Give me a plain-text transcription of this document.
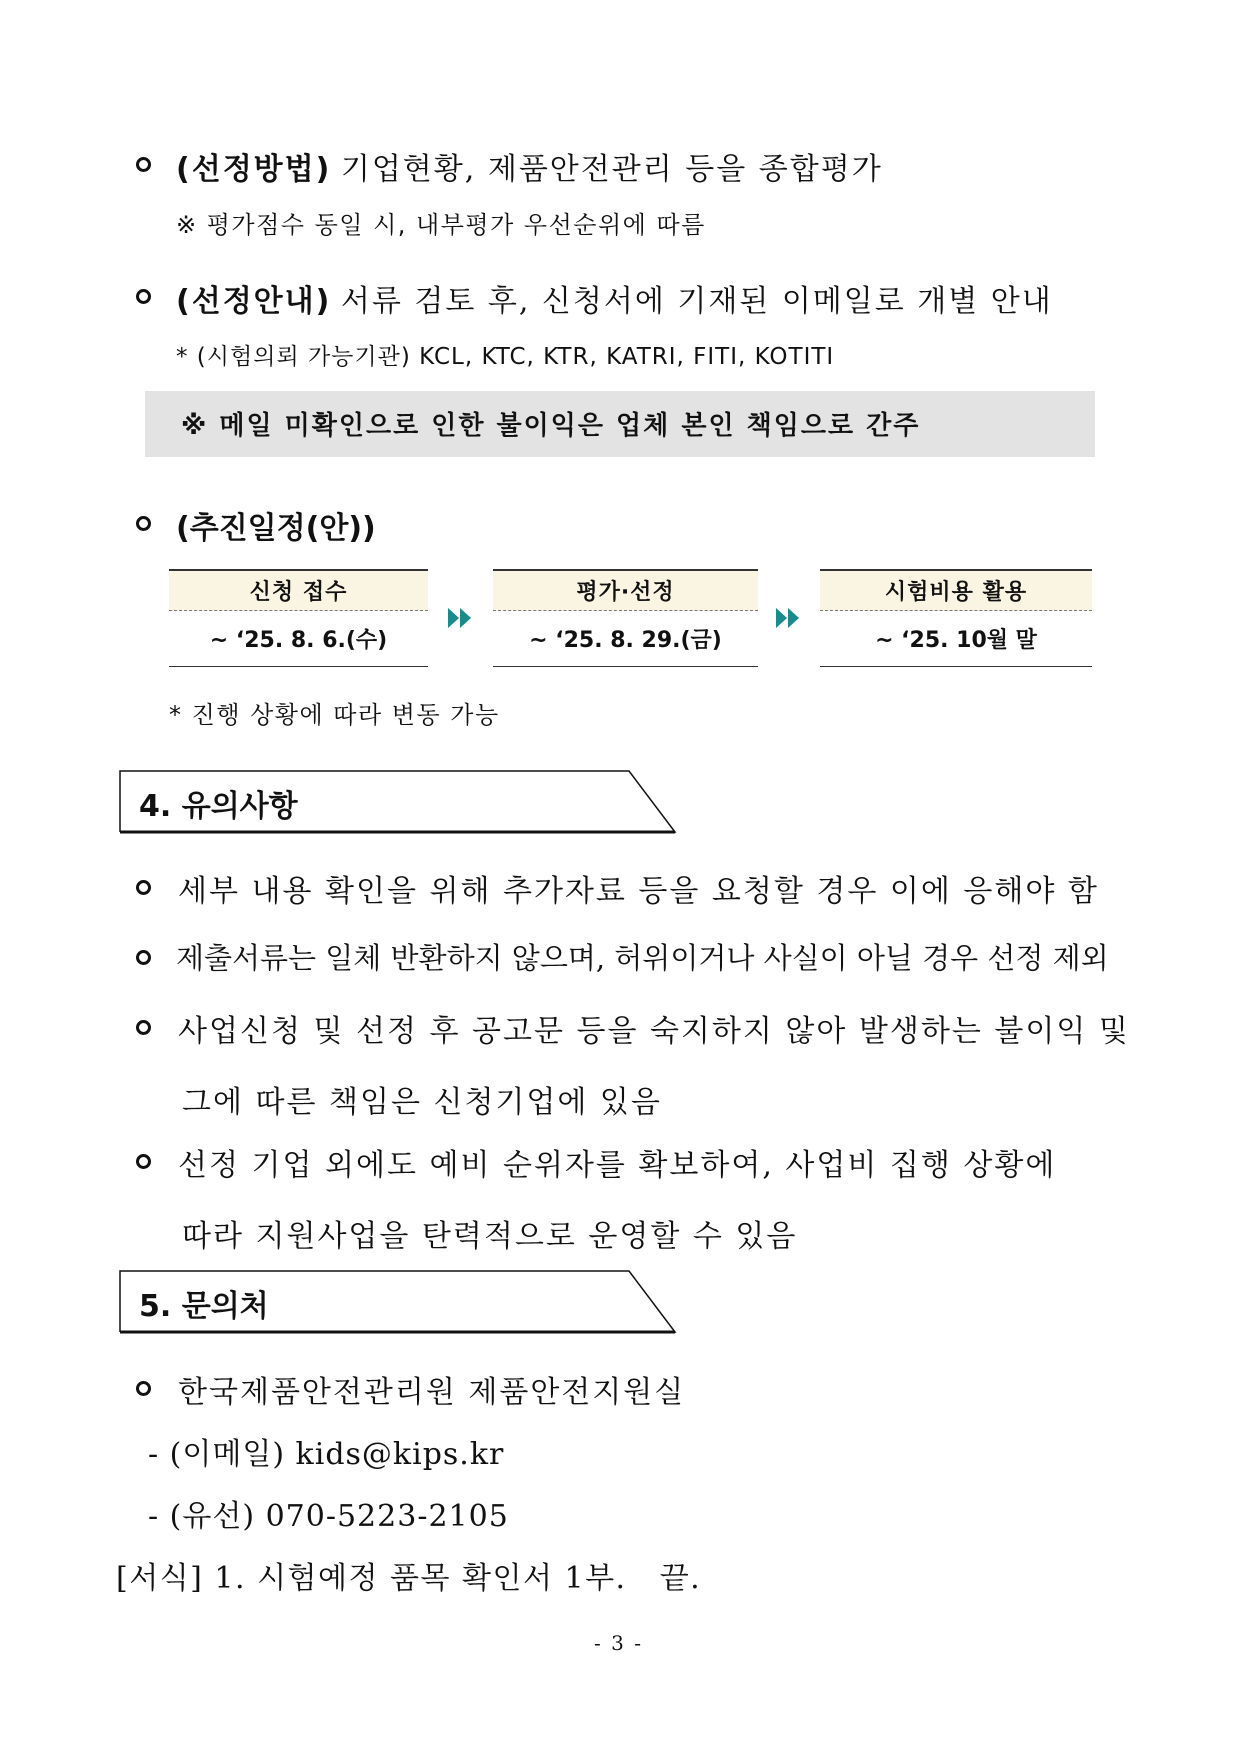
(선정방법) 기업현황, 제품안전관리 등을 종합평가
※ 평가점수 동일 시, 내부평가 우선순위에 따름
(선정안내) 서류 검토 후, 신청서에 기재된 이메일로 개별 안내
* (시험의뢰 가능기관) KCL, KTC, KTR, KATRI, FITI, KOTITI
※ 메일 미확인으로 인한 불이익은 업체 본인 책임으로 간주
(추진일정(안))
신청 접수
~ ‘25. 8. 6.(수)
평가·선정
~ ‘25. 8. 29.(금)
시험비용 활용
~ ‘25. 10월 말
* 진행 상황에 따라 변동 가능
4. 유의사항
세부 내용 확인을 위해 추가자료 등을 요청할 경우 이에 응해야 함
제출서류는 일체 반환하지 않으며, 허위이거나 사실이 아닐 경우 선정 제외
사업신청 및 선정 후 공고문 등을 숙지하지 않아 발생하는 불이익 및
그에 따른 책임은 신청기업에 있음
선정 기업 외에도 예비 순위자를 확보하여, 사업비 집행 상황에
따라 지원사업을 탄력적으로 운영할 수 있음
5. 문의처
한국제품안전관리원 제품안전지원실
- (이메일) kids@kips.kr
- (유선) 070-5223-2105
[서식] 1. 시험예정 품목 확인서 1부.   끝.
- 3 -
